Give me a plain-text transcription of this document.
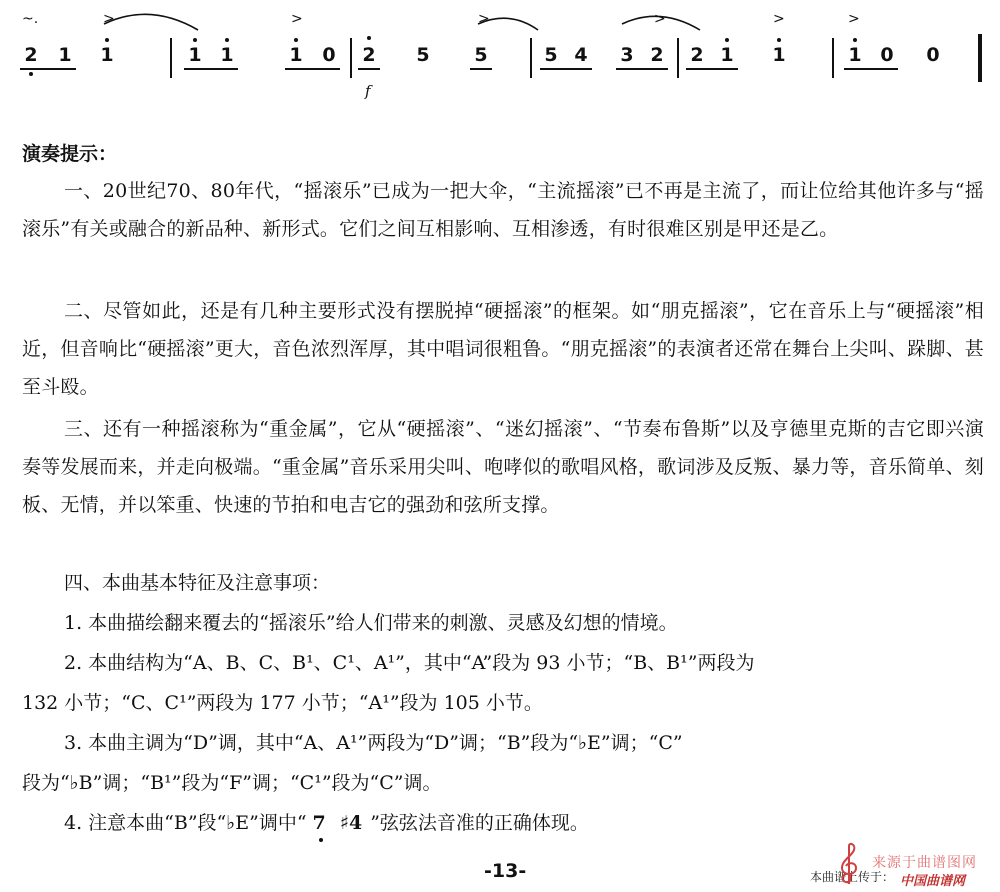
~.	>	>	>	>	>	>
2 1 1	1 1	1 0 2 5 5	5 4 3 2 2 1 1	1 0 0
f

演奏提示：

一、20世纪70、80年代，“摇滚乐”已成为一把大伞，“主流摇滚”已不再是主流了，而让位给其他许多与“摇滚乐”有关或融合的新品种、新形式。它们之间互相影响、互相渗透，有时很难区别是甲还是乙。

二、尽管如此，还是有几种主要形式没有摆脱掉“硬摇滚”的框架。如“朋克摇滚”，它在音乐上与“硬摇滚”相近，但音响比“硬摇滚”更大，音色浓烈浑厚，其中唱词很粗鲁。“朋克摇滚”的表演者还常在舞台上尖叫、跺脚、甚至斗殴。

三、还有一种摇滚称为“重金属”，它从“硬摇滚”、“迷幻摇滚”、“节奏布鲁斯”以及亨德里克斯的吉它即兴演奏等发展而来，并走向极端。“重金属”音乐采用尖叫、咆哮似的歌唱风格，歌词涉及反叛、暴力等，音乐简单、刻板、无情，并以笨重、快速的节拍和电吉它的强劲和弦所支撑。

四、本曲基本特征及注意事项：

1. 本曲描绘翻来覆去的“摇滚乐”给人们带来的刺激、灵感及幻想的情境。

2. 本曲结构为“A、B、C、B¹、C¹、A¹”，其中“A”段为 93 小节；“B、B¹”两段为

132 小节；“C、C¹”两段为 177 小节；“A¹”段为 105 小节。

3. 本曲主调为“D”调，其中“A、A¹”两段为“D”调；“B”段为“♭E”调；“C”

段为“♭B”调；“B¹”段为“F”调；“C¹”段为“C”调。

4. 注意本曲“B”段“♭E”调中“ 7 ♯4 ”弦弦法音准的正确体现。

-13-	本曲谱上传于：
来源于曲谱图网
中国曲谱网
